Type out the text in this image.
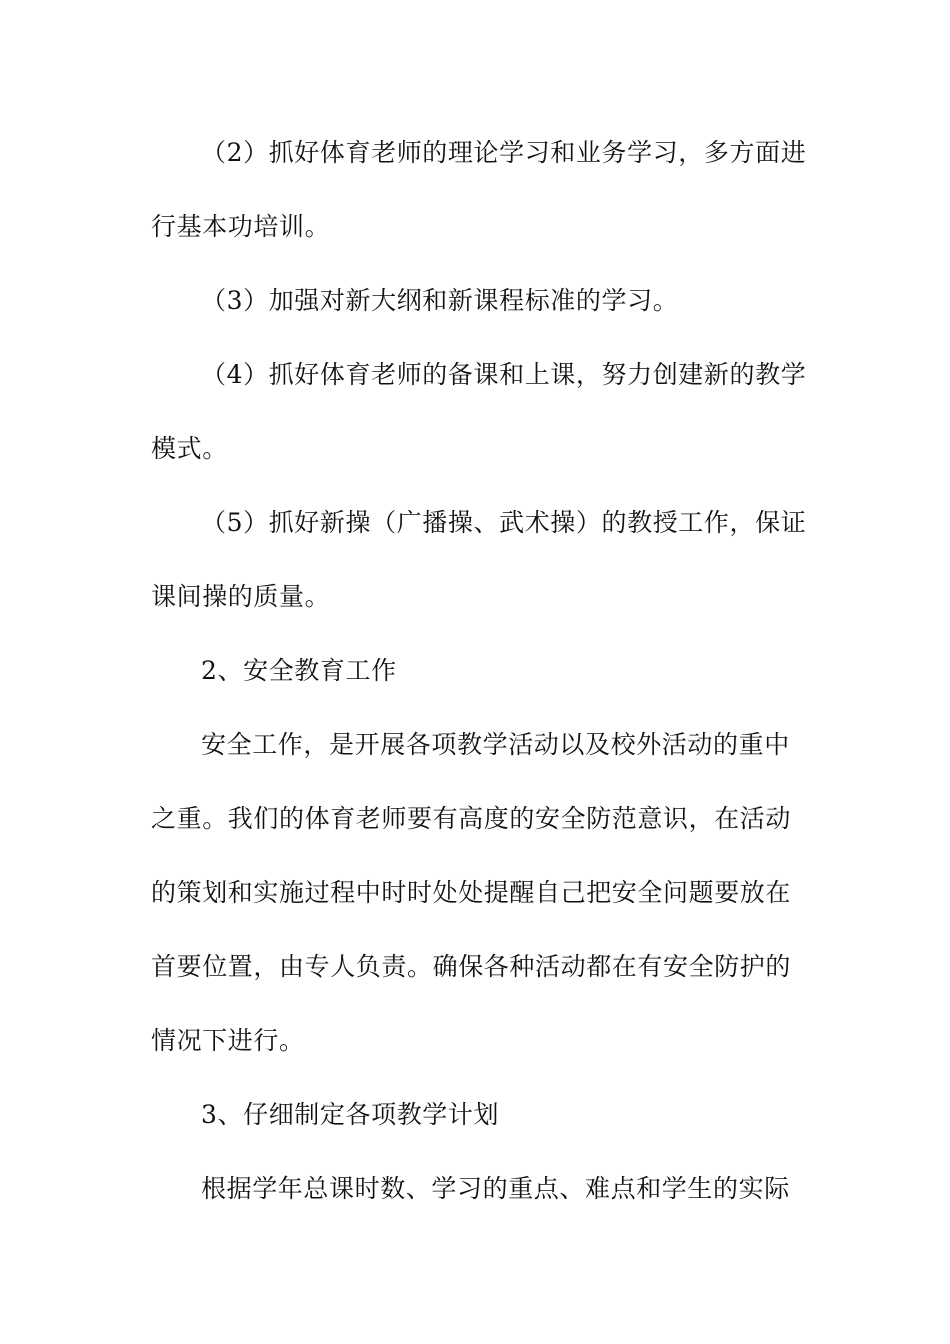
（2）抓好体育老师的理论学习和业务学习，多方面进
行基本功培训。
（3）加强对新大纲和新课程标准的学习。
（4）抓好体育老师的备课和上课，努力创建新的教学
模式。
（5）抓好新操（广播操、武术操）的教授工作，保证
课间操的质量。
2、安全教育工作
安全工作，是开展各项教学活动以及校外活动的重中
之重。我们的体育老师要有高度的安全防范意识，在活动
的策划和实施过程中时时处处提醒自己把安全问题要放在
首要位置，由专人负责。确保各种活动都在有安全防护的
情况下进行。
3、仔细制定各项教学计划
根据学年总课时数、学习的重点、难点和学生的实际
